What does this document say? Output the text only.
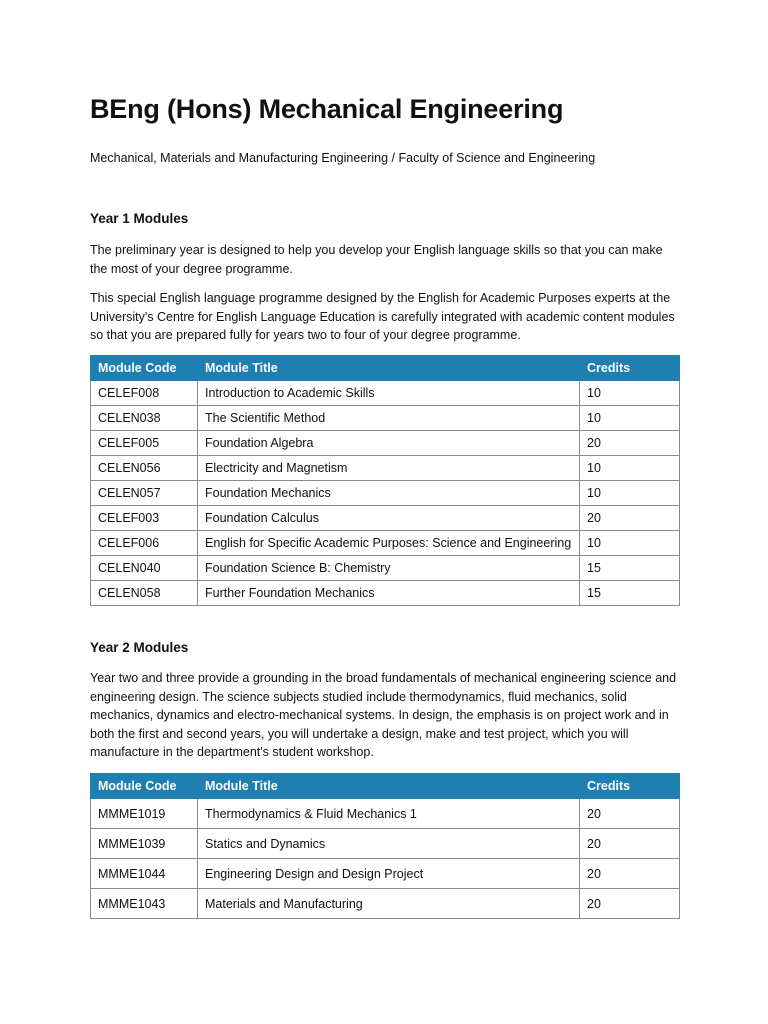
BEng (Hons) Mechanical Engineering
Mechanical, Materials and Manufacturing Engineering / Faculty of Science and Engineering
Year 1 Modules

The preliminary year is designed to help you develop your English language skills so that you can make the most of your degree programme.

This special English language programme designed by the English for Academic Purposes experts at the University's Centre for English Language Education is carefully integrated with academic content modules so that you are prepared fully for years two to four of your degree programme.

Module Code	Module Title	Credits
CELEF008	Introduction to Academic Skills	10
CELEN038	The Scientific Method	10
CELEF005	Foundation Algebra	20
CELEN056	Electricity and Magnetism	10
CELEN057	Foundation Mechanics	10
CELEF003	Foundation Calculus	20
CELEF006	English for Specific Academic Purposes: Science and Engineering	10
CELEN040	Foundation Science B: Chemistry	15
CELEN058	Further Foundation Mechanics	15
Year 2 Modules

Year two and three provide a grounding in the broad fundamentals of mechanical engineering science and engineering design. The science subjects studied include thermodynamics, fluid mechanics, solid mechanics, dynamics and electro-mechanical systems. In design, the emphasis is on project work and in both the first and second years, you will undertake a design, make and test project, which you will manufacture in the department's student workshop.

Module Code	Module Title	Credits
MMME1019	Thermodynamics & Fluid Mechanics 1	20
MMME1039	Statics and Dynamics	20
MMME1044	Engineering Design and Design Project	20
MMME1043	Materials and Manufacturing	20
